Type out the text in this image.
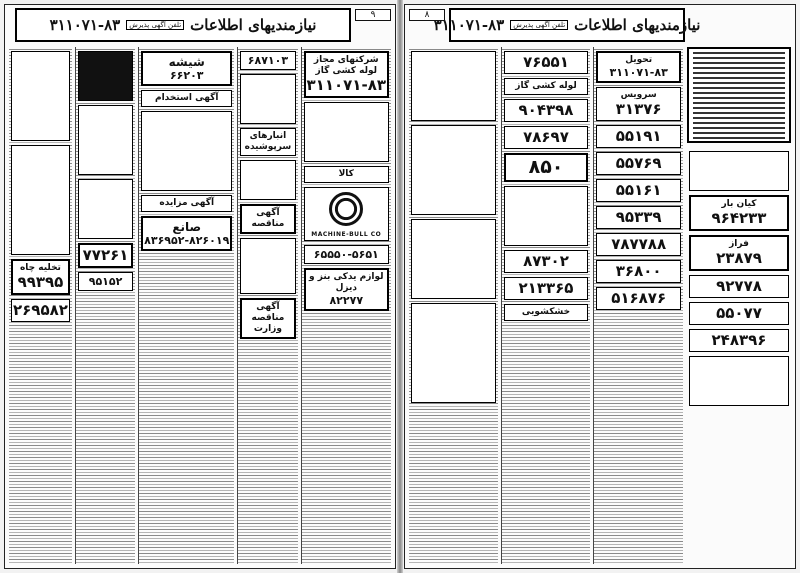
۹
نیازمندیهای اطلاعات
تلفن آگهی پذیرش
۳۱۱۰۷۱-۸۳
شرکتهای مجاز لوله کشی گاز
۳۱۱۰۷۱-۸۳
کالا
MACHINE-BULL CO
۶۵۵۵۰-۵۶۵۱
لوازم یدکی بنز و دیزل
۸۲۲۷۷
۶۸۷۱۰۳
انبارهای سرپوشیده
آگهی مناقصه
آگهی مناقصه وزارت
شیشه
۶۶۲۰۳
آگهی استخدام
آگهی مزایده
صانع
۸۳۶۹۵۲-۸۲۶۰۱۹
۷۷۲۶۱
۹۵۱۵۲
تخلیه چاه
۹۹۳۹۵
۲۶۹۵۸۲
۸
نیازمندیهای اطلاعات
تلفن آگهی پذیرش
۳۱۱۰۷۱-۸۳
تحویل
۳۱۱۰۷۱-۸۳
سرویس
۳۱۳۷۶
۵۵۱۹۱
۵۵۷۶۹
۵۵۱۶۱
۹۵۳۳۹
۷۸۷۷۸۸
۳۶۸۰۰
۵۱۶۸۷۶
۷۶۵۵۱
لوله کشی گاز
۹۰۴۳۹۸
۷۸۶۹۷
۸۵۰
۸۷۳۰۲
۲۱۳۳۶۵
خشکشویی
کیان بار
۹۶۴۲۳۳
فراز
۲۳۸۷۹
۹۲۷۷۸
۵۵۰۷۷
۲۴۸۳۹۶
